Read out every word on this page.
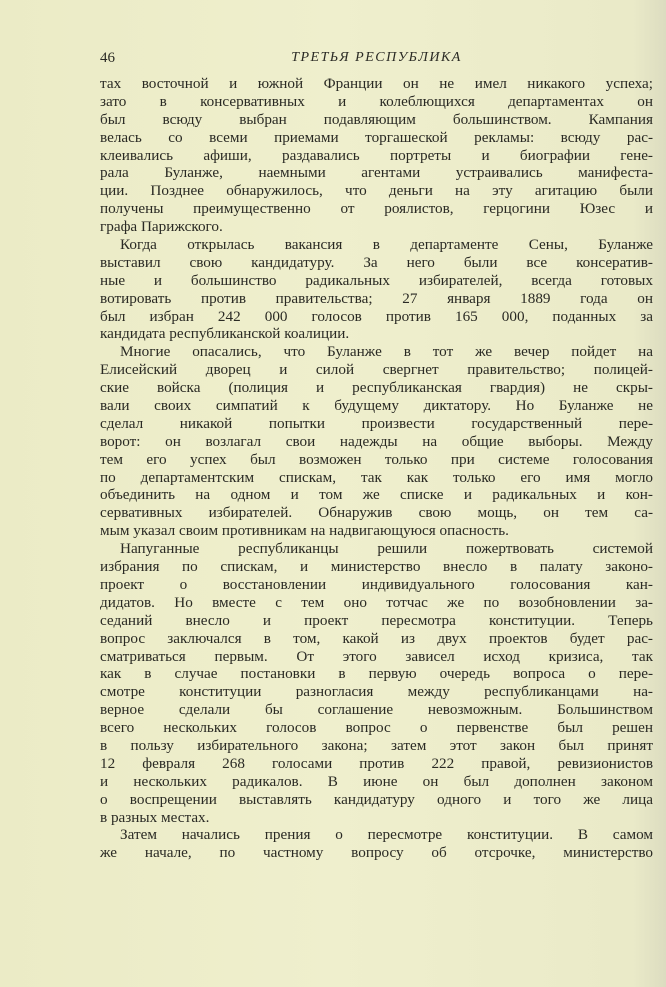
46	ТРЕТЬЯ РЕСПУБЛИКА
тах восточной и южной Франции он не имел никакого успеха;
зато в консервативных и колеблющихся департаментах он
был всюду выбран подавляющим большинством. Кампания
велась со всеми приемами торгашеской рекламы: всюду рас-
клеивались афиши, раздавались портреты и биографии гене-
рала Буланже, наемными агентами устраивались манифеста-
ции. Позднее обнаружилось, что деньги на эту агитацию были
получены преимущественно от роялистов, герцогини Юзес и
графа Парижского.
Когда открылась вакансия в департаменте Сены, Буланже
выставил свою кандидатуру. За него были все консератив-
ные и большинство радикальных избирателей, всегда готовых
вотировать против правительства; 27 января 1889 года он
был избран 242 000 голосов против 165 000, поданных за
кандидата республиканской коалиции.
Многие опасались, что Буланже в тот же вечер пойдет на
Елисейский дворец и силой свергнет правительство; полицей-
ские войска (полиция и республиканская гвардия) не скры-
вали своих симпатий к будущему диктатору. Но Буланже не
сделал никакой попытки произвести государственный пере-
ворот: он возлагал свои надежды на общие выборы. Между
тем его успех был возможен только при системе голосования
по департаментским спискам, так как только его имя могло
объединить на одном и том же списке и радикальных и кон-
сервативных избирателей. Обнаружив свою мощь, он тем са-
мым указал своим противникам на надвигающуюся опасность.
Напуганные республиканцы решили пожертвовать системой
избрания по спискам, и министерство внесло в палату законо-
проект о восстановлении индивидуального голосования кан-
дидатов. Но вместе с тем оно тотчас же по возобновлении за-
седаний внесло и проект пересмотра конституции. Теперь
вопрос заключался в том, какой из двух проектов будет рас-
сматриваться первым. От этого зависел исход кризиса, так
как в случае постановки в первую очередь вопроса о пере-
смотре конституции разногласия между республиканцами на-
верное сделали бы соглашение невозможным. Большинством
всего нескольких голосов вопрос о первенстве был решен
в пользу избирательного закона; затем этот закон был принят
12 февраля 268 голосами против 222 правой, ревизионистов
и нескольких радикалов. В июне он был дополнен законом
о воспрещении выставлять кандидатуру одного и того же лица
в разных местах.
Затем начались прения о пересмотре конституции. В самом
же начале, по частному вопросу об отсрочке, министерство
